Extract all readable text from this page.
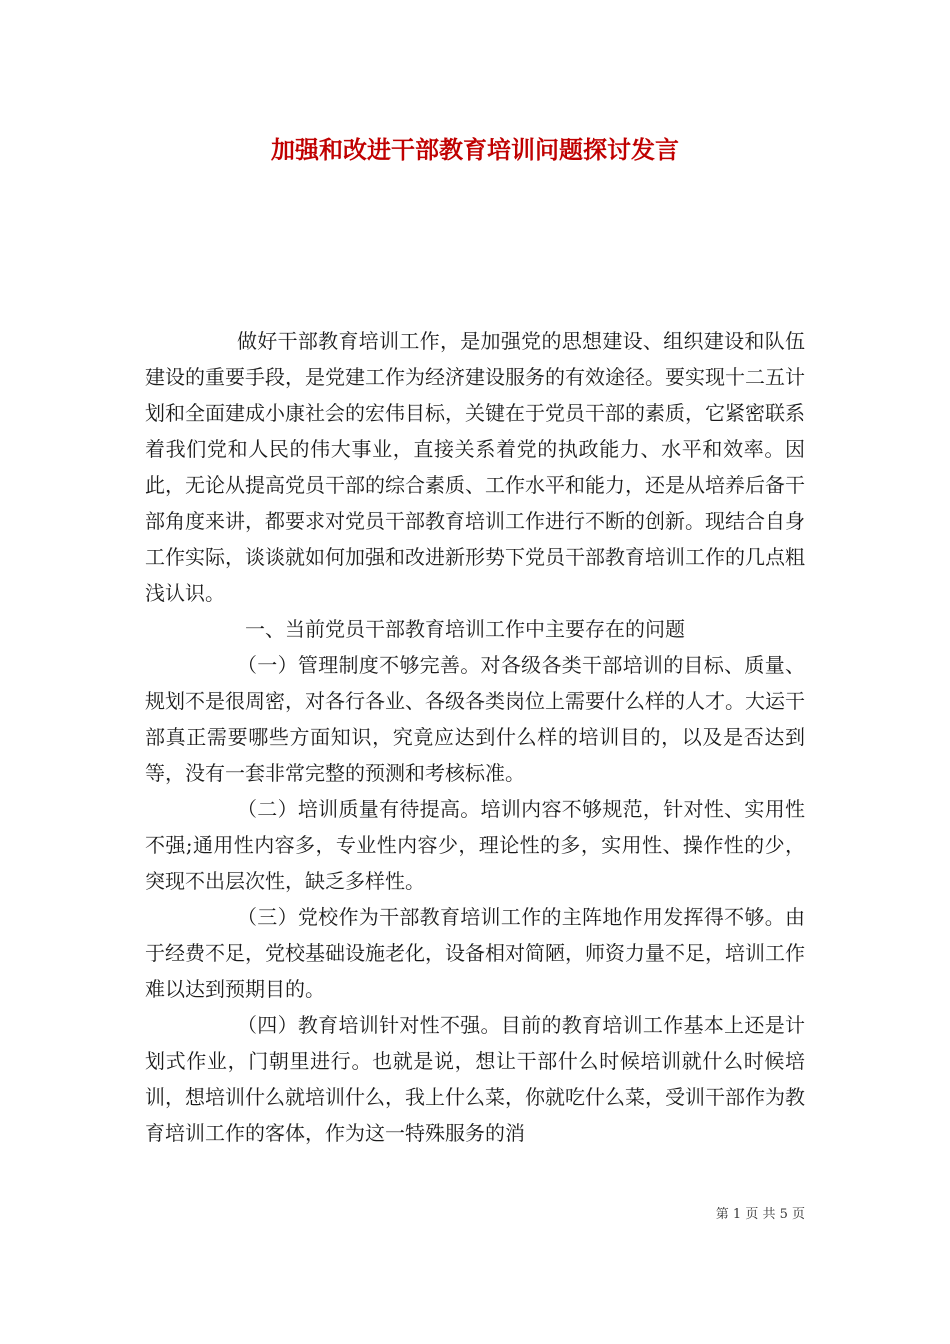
加强和改进干部教育培训问题探讨发言

做好干部教育培训工作，是加强党的思想建设、组织建设和队伍建设的重要手段，是党建工作为经济建设服务的有效途径。要实现十二五计划和全面建成小康社会的宏伟目标，关键在于党员干部的素质，它紧密联系着我们党和人民的伟大事业，直接关系着党的执政能力、水平和效率。因此，无论从提高党员干部的综合素质、工作水平和能力，还是从培养后备干部角度来讲，都要求对党员干部教育培训工作进行不断的创新。现结合自身工作实际，谈谈就如何加强和改进新形势下党员干部教育培训工作的几点粗浅认识。

一、当前党员干部教育培训工作中主要存在的问题

（一）管理制度不够完善。对各级各类干部培训的目标、质量、规划不是很周密，对各行各业、各级各类岗位上需要什么样的人才。大运干部真正需要哪些方面知识，究竟应达到什么样的培训目的，以及是否达到等，没有一套非常完整的预测和考核标准。

（二）培训质量有待提高。培训内容不够规范，针对性、实用性不强;通用性内容多，专业性内容少，理论性的多，实用性、操作性的少，突现不出层次性，缺乏多样性。

（三）党校作为干部教育培训工作的主阵地作用发挥得不够。由于经费不足，党校基础设施老化，设备相对简陋，师资力量不足，培训工作难以达到预期目的。

（四）教育培训针对性不强。目前的教育培训工作基本上还是计划式作业，门朝里进行。也就是说，想让干部什么时候培训就什么时候培训，想培训什么就培训什么，我上什么菜，你就吃什么菜，受训干部作为教育培训工作的客体，作为这一特殊服务的消

第 1 页 共 5 页
